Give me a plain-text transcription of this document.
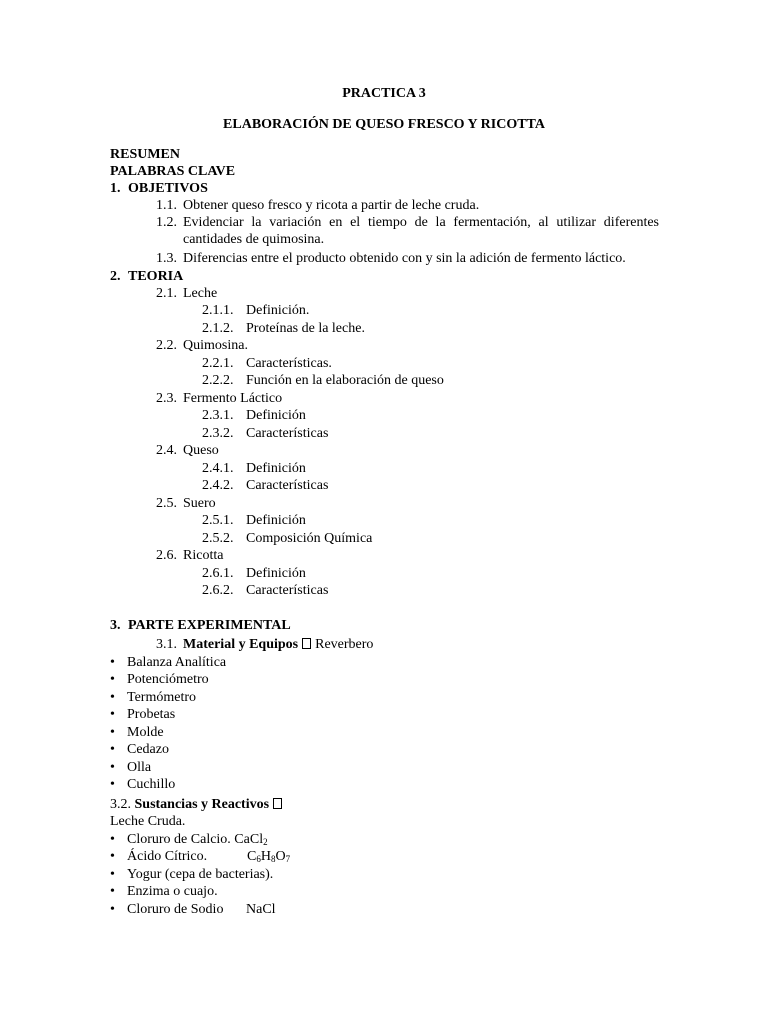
PRACTICA 3
ELABORACIÓN DE QUESO FRESCO Y RICOTTA
RESUMEN
PALABRAS CLAVE
1. OBJETIVOS
1.1. Obtener queso fresco y ricota a partir de leche cruda.
1.2. Evidenciar la variación en el tiempo de la fermentación, al utilizar diferentes
cantidades de quimosina.
1.3. Diferencias entre el producto obtenido con y sin la adición de fermento láctico.
2. TEORIA
2.1. Leche
2.1.1. Definición.
2.1.2. Proteínas de la leche.
2.2. Quimosina.
2.2.1. Características.
2.2.2. Función en la elaboración de queso
2.3. Fermento Láctico
2.3.1. Definición
2.3.2. Características
2.4. Queso
2.4.1. Definición
2.4.2. Características
2.5. Suero
2.5.1. Definición
2.5.2. Composición Química
2.6. Ricotta
2.6.1. Definición
2.6.2. Características
3. PARTE EXPERIMENTAL
3.1. Material y Equipos Reverbero
• Balanza Analítica
• Potenciómetro
• Termómetro
• Probetas
• Molde
• Cedazo
• Olla
• Cuchillo
3.2. Sustancias y Reactivos
Leche Cruda.
• Cloruro de Calcio. CaCl$_2$
• Ácido Cítrico.	$C_6H_8O_7$
• Yogur (cepa de bacterias).
• Enzima o cuajo.
• Cloruro de Sodio NaCl
